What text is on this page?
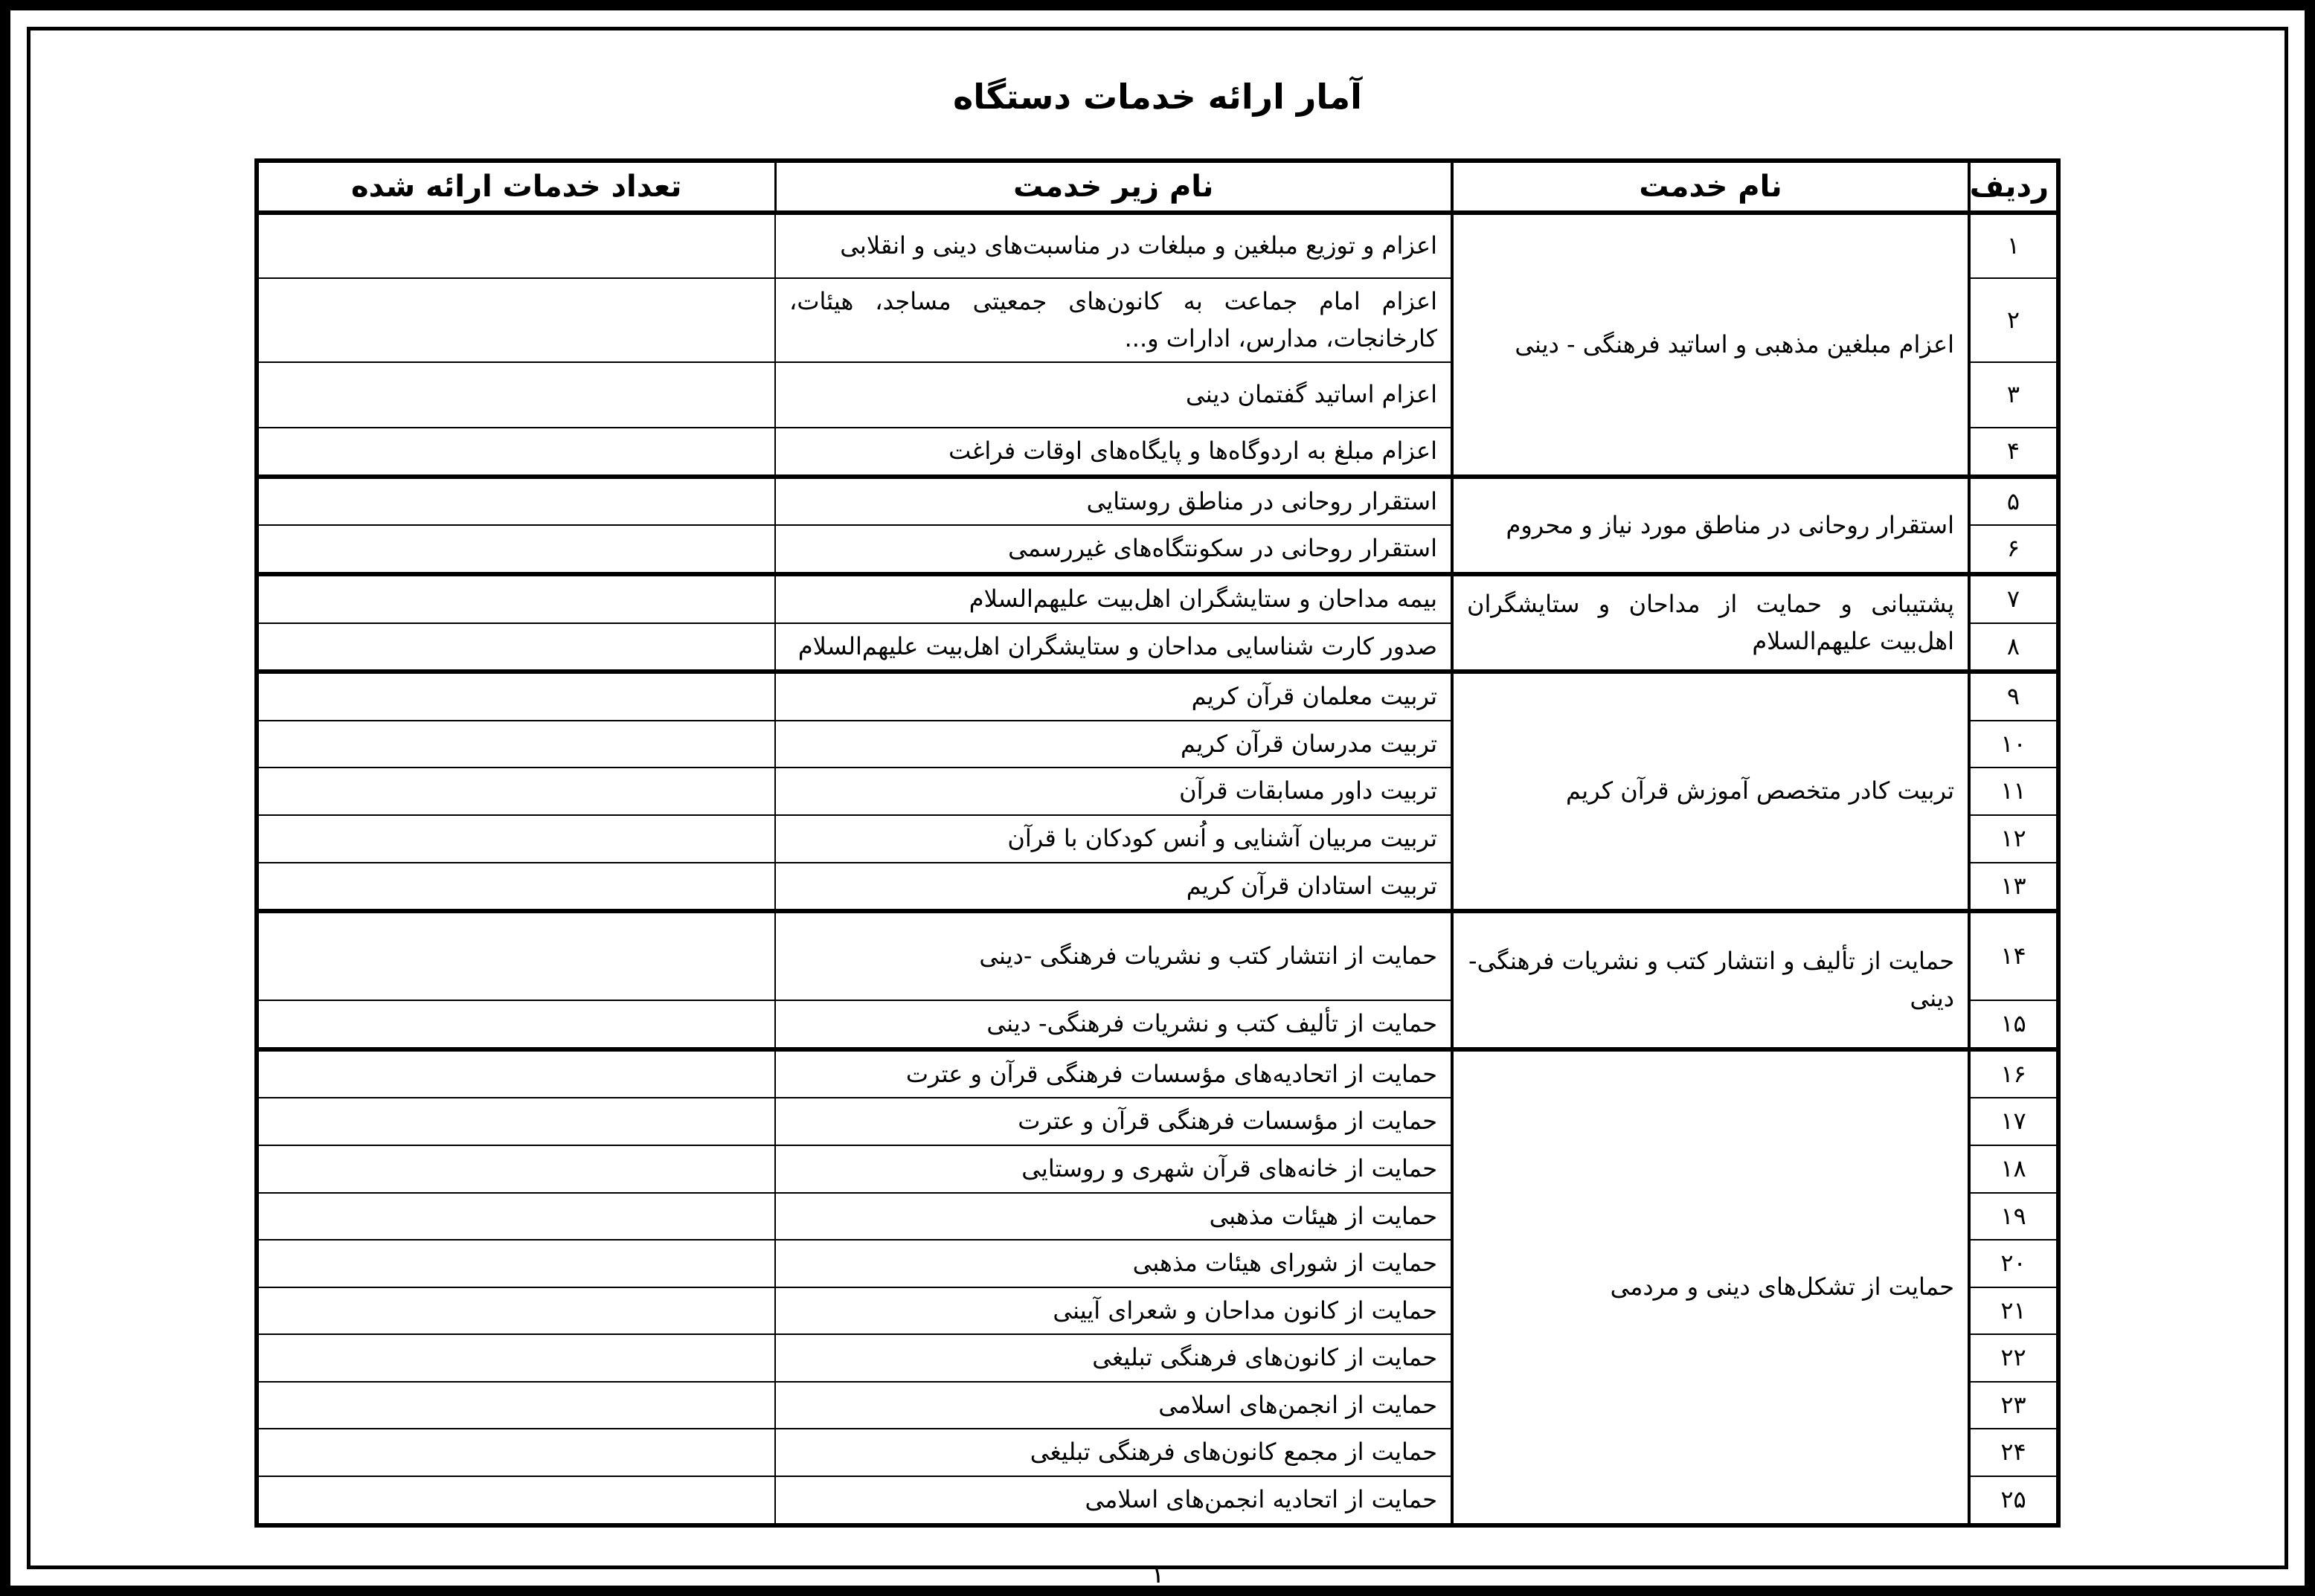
آمار ارائه خدمات دستگاه
ردیف	نام خدمت	نام زیر خدمت	تعداد خدمات ارائه شده
۱	اعزام مبلغین مذهبی و اساتید فرهنگی - دینی	اعزام و توزیع مبلغین و مبلغات در مناسبت‌های دینی و انقلابی	
۲		اعزام امام جماعت به کانون‌های جمعیتی مساجد، هیئات، کارخانجات، مدارس، ادارات و...	
۳		اعزام اساتید گفتمان دینی	
۴		اعزام مبلغ به اردوگاه‌ها و پایگاه‌های اوقات فراغت	
۵	استقرار روحانی در مناطق مورد نیاز و محروم	استقرار روحانی در مناطق روستایی	
۶		استقرار روحانی در سکونتگاه‌های غیررسمی	
۷	پشتیبانی و حمایت از مداحان و ستایشگران اهل‌بیت علیهم‌السلام	بیمه مداحان و ستایشگران اهل‌بیت علیهم‌السلام	
۸		صدور کارت شناسایی مداحان و ستایشگران اهل‌بیت علیهم‌السلام	
۹	تربیت کادر متخصص آموزش قرآن کریم	تربیت معلمان قرآن کریم	
۱۰		تربیت مدرسان قرآن کریم	
۱۱		تربیت داور مسابقات قرآن	
۱۲		تربیت مربیان آشنایی و اُنس کودکان با قرآن	
۱۳		تربیت استادان قرآن کریم	
۱۴	حمایت از تألیف و انتشار کتب و نشریات فرهنگی-دینی	حمایت از انتشار کتب و نشریات فرهنگی -دینی	
۱۵		حمایت از تألیف کتب و نشریات فرهنگی- دینی	
۱۶	حمایت از تشکل‌های دینی و مردمی	حمایت از اتحادیه‌های مؤسسات فرهنگی قرآن و عترت	
۱۷		حمایت از مؤسسات فرهنگی قرآن و عترت	
۱۸		حمایت از خانه‌های قرآن شهری و روستایی	
۱۹		حمایت از هیئات مذهبی	
۲۰		حمایت از شورای هیئات مذهبی	
۲۱		حمایت از کانون مداحان و شعرای آیینی	
۲۲		حمایت از کانون‌های فرهنگی تبلیغی	
۲۳		حمایت از انجمن‌های اسلامی	
۲۴		حمایت از مجمع کانون‌های فرهنگی تبلیغی	
۲۵		حمایت از اتحادیه انجمن‌های اسلامی	
۱
